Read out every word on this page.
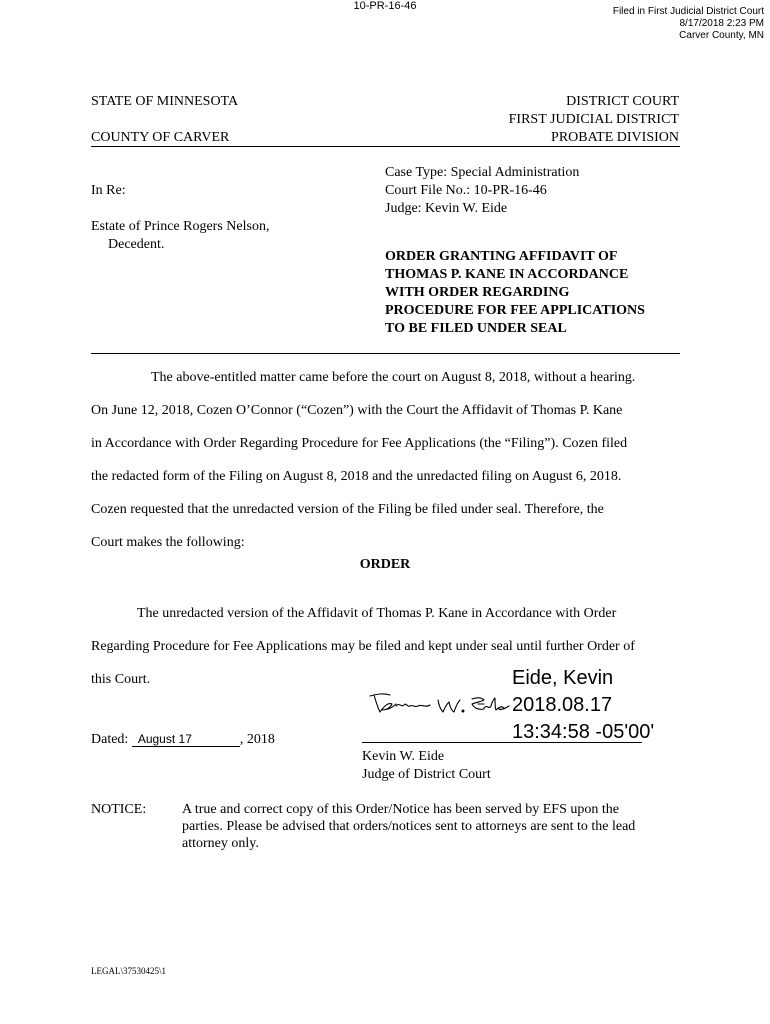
10-PR-16-46	Filed in First Judicial District Court
8/17/2018 2:23 PM
Carver County, MN
STATE OF MINNESOTA	DISTRICT COURT
FIRST JUDICIAL DISTRICT
PROBATE DIVISION
COUNTY OF CARVER
Case Type: Special Administration
Court File No.: 10-PR-16-46
Judge: Kevin W. Eide
In Re:
Estate of Prince Rogers Nelson,
Decedent.
ORDER GRANTING AFFIDAVIT OF
THOMAS P. KANE IN ACCORDANCE
WITH ORDER REGARDING
PROCEDURE FOR FEE APPLICATIONS
TO BE FILED UNDER SEAL
The above-entitled matter came before the court on August 8, 2018, without a hearing.
On June 12, 2018, Cozen O’Connor (“Cozen”) with the Court the Affidavit of Thomas P. Kane
in Accordance with Order Regarding Procedure for Fee Applications (the “Filing”). Cozen filed
the redacted form of the Filing on August 8, 2018 and the unredacted filing on August 6, 2018.
Cozen requested that the unredacted version of the Filing be filed under seal. Therefore, the
Court makes the following:
ORDER
The unredacted version of the Affidavit of Thomas P. Kane in Accordance with Order
Regarding Procedure for Fee Applications may be filed and kept under seal until further Order of
this Court.	Eide, Kevin
2018.08.17
13:34:58 -05'00'
Dated: August 17	, 2018
Kevin W. Eide
Judge of District Court
NOTICE:	A true and correct copy of this Order/Notice has been served by EFS upon the
parties. Please be advised that orders/notices sent to attorneys are sent to the lead
attorney only.
LEGAL\37530425\1
